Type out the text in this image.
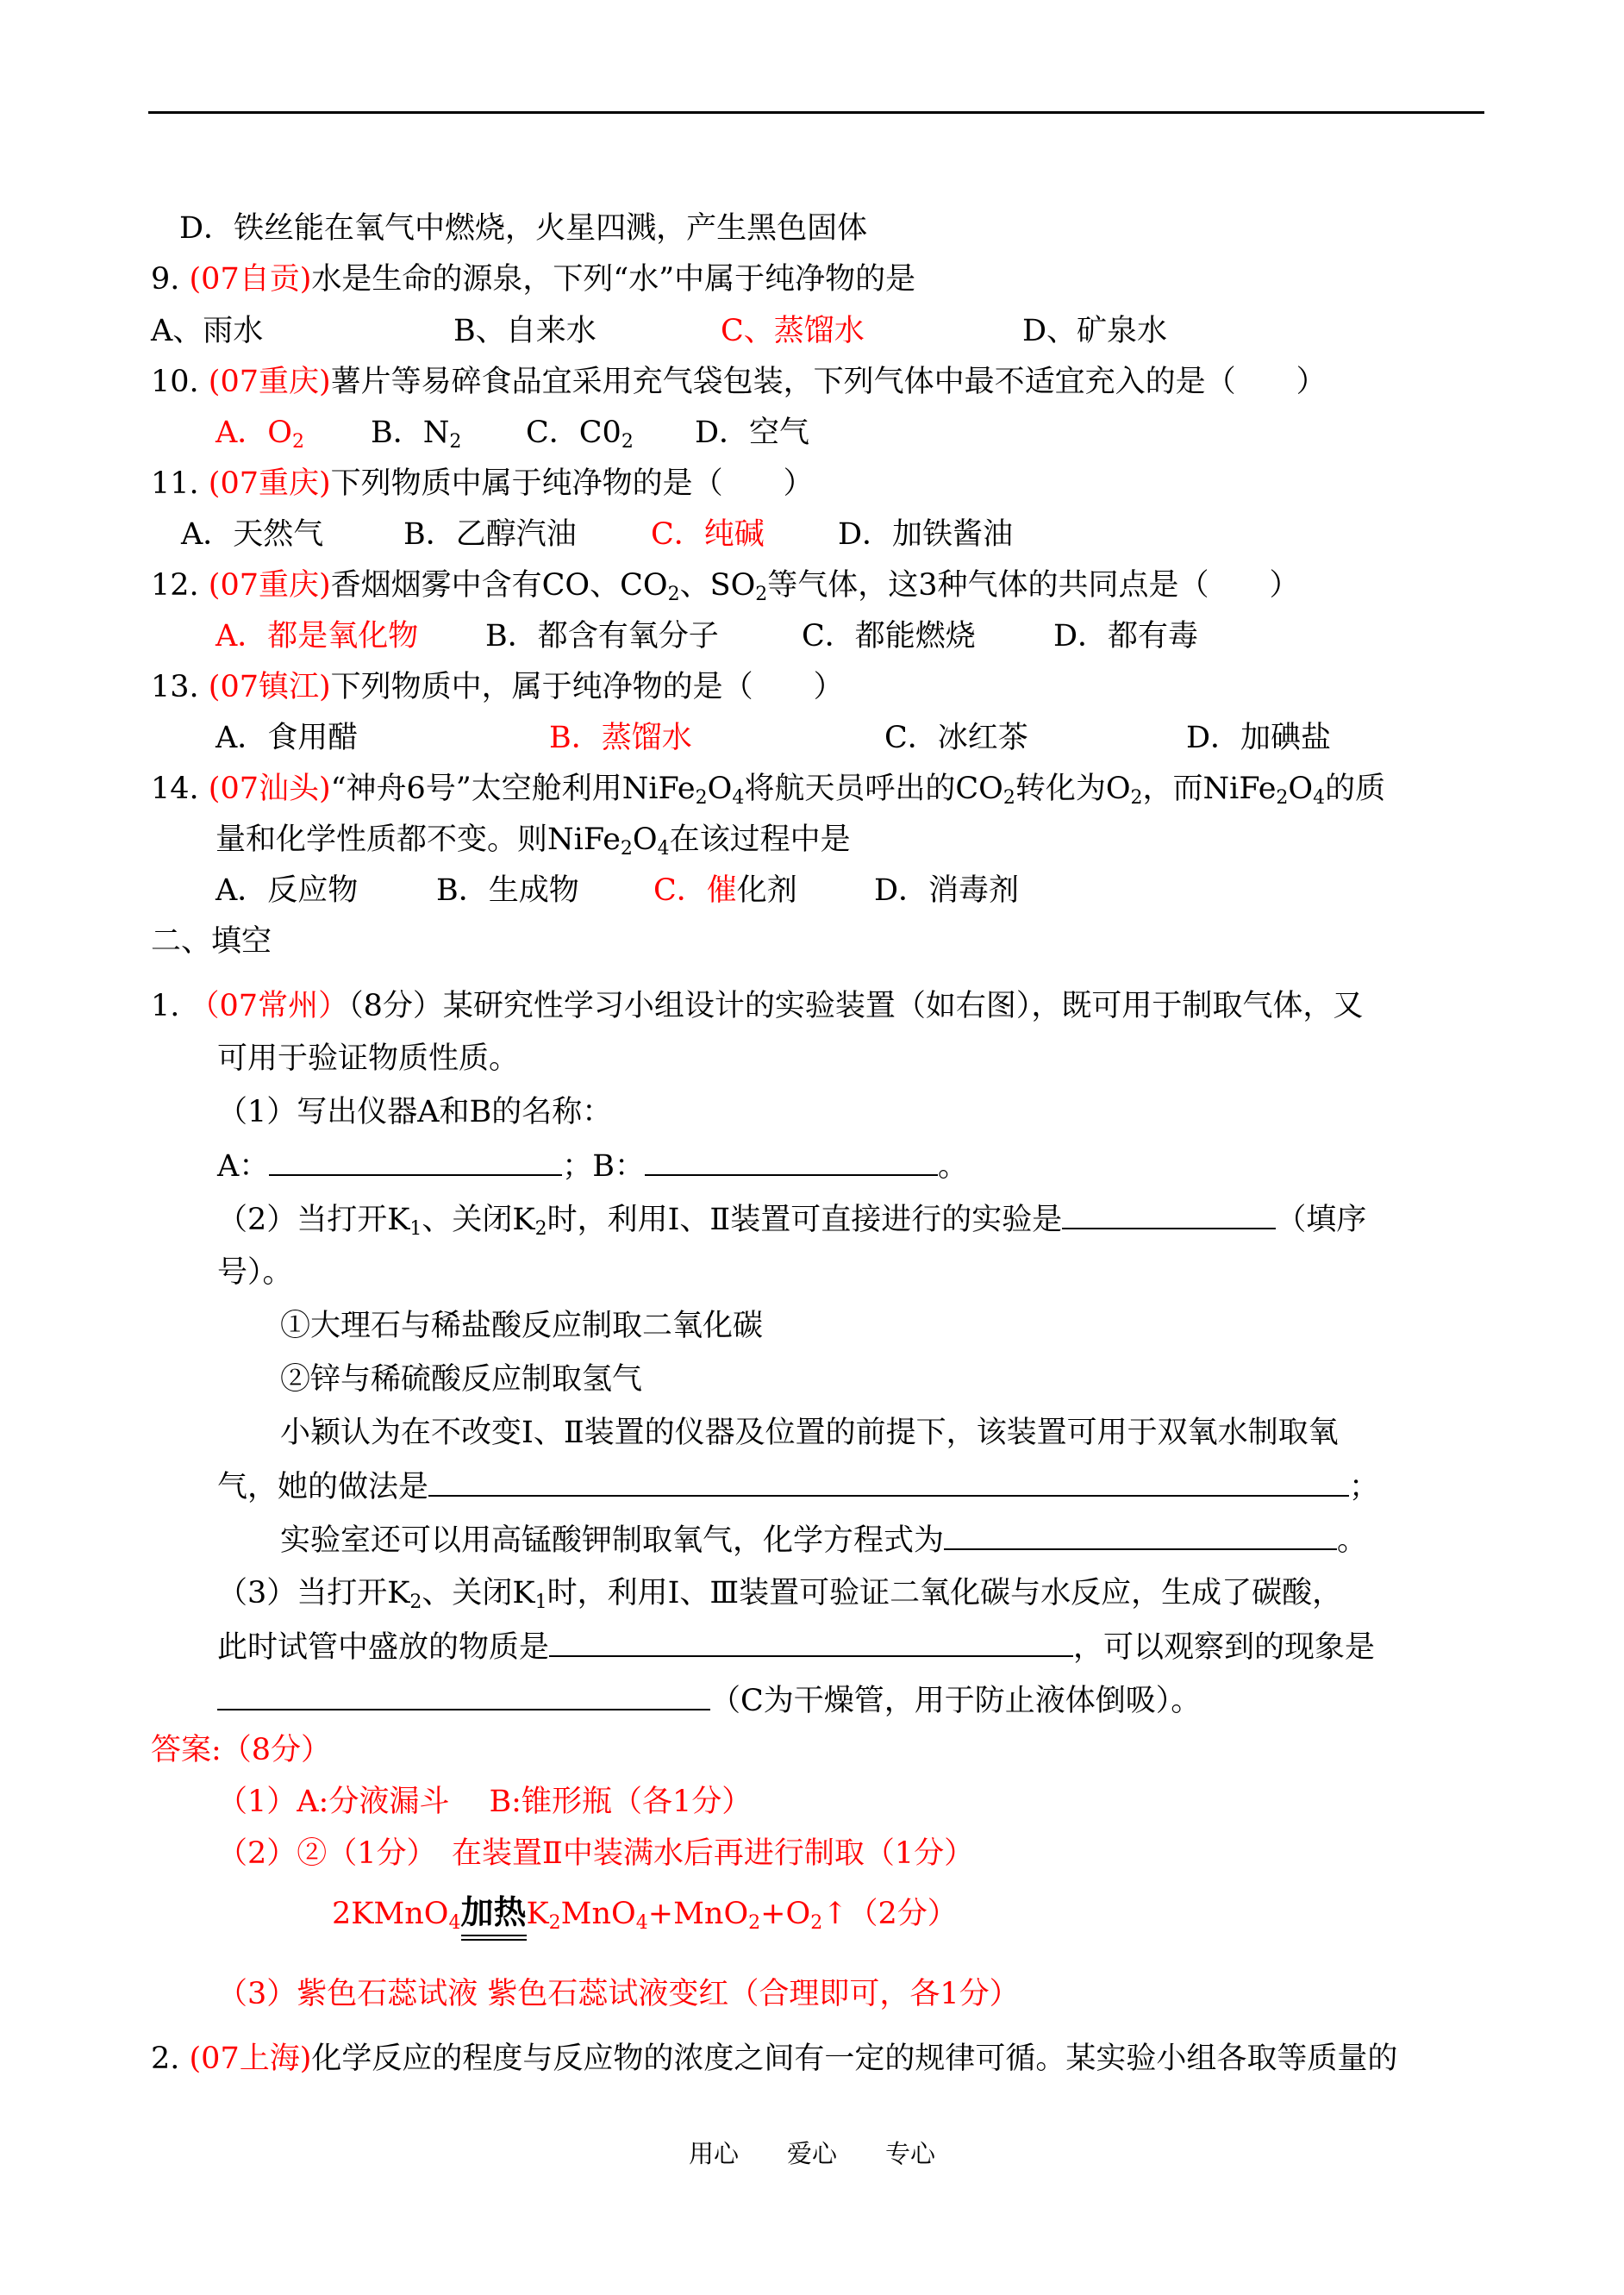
D．铁丝能在氧气中燃烧，火星四溅，产生黑色固体
9. (07自贡)水是生命的源泉，下列“水”中属于纯净物的是
A、雨水	B、自来水	C、蒸馏水	D、矿泉水
10. (07重庆)薯片等易碎食品宜采用充气袋包装，下列气体中最不适宜充入的是（　　）
A．$O_2$ B．$N_2$ C．$C0_2$ D．空气
11. (07重庆)下列物质中属于纯净物的是（　　）
A．天然气	B．乙醇汽油 C．纯碱 D．加铁酱油
12. (07重庆)香烟烟雾中含有CO、$CO_2$、$SO_2$等气体，这3种气体的共同点是（　　）
A．都是氧化物 B．都含有氧分子	C．都能燃烧	D．都有毒
13. (07镇江)下列物质中，属于纯净物的是（　　）
A．食用醋	B．蒸馏水	C．冰红茶	D．加碘盐
14. (07汕头)“神舟6号”太空舱利用$NiFe_2O_4$将航天员呼出的$CO_2$转化为$O_2$，而$NiFe_2O_4$的质
量和化学性质都不变。则$NiFe_2O_4$在该过程中是
A．反应物	B．生成物 C．催化剂	D．消毒剂
二、填空
1. （07常州）（8分）某研究性学习小组设计的实验装置（如右图），既可用于制取气体，又
可用于验证物质性质。
（1）写出仪器A和B的名称：
A：	；B：	。
（2）当打开$K_1$、关闭$K_2$时，利用Ⅰ、Ⅱ装置可直接进行的实验是	（填序
号）。
①大理石与稀盐酸反应制取二氧化碳
②锌与稀硫酸反应制取氢气
小颖认为在不改变Ⅰ、Ⅱ装置的仪器及位置的前提下，该装置可用于双氧水制取氧
气，她的做法是	；
实验室还可以用高锰酸钾制取氧气，化学方程式为	。
（3）当打开$K_2$、关闭$K_1$时，利用Ⅰ、Ⅲ装置可验证二氧化碳与水反应，生成了碳酸，
此时试管中盛放的物质是	，可以观察到的现象是
（C为干燥管，用于防止液体倒吸）。
答案:（8分）
（1）A:分液漏斗　 B:锥形瓶（各1分）
（2）②（1分）　在装置Ⅱ中装满水后再进行制取（1分）
2KMnO$_4$加热
$K_2MnO_4+MnO_2+O_2↑(2$分）
（3）紫色石蕊试液 紫色石蕊试液变红（合理即可，各1分）
2. (07上海)化学反应的程度与反应物的浓度之间有一定的规律可循。某实验小组各取等质量的
用心 爱心 专心
